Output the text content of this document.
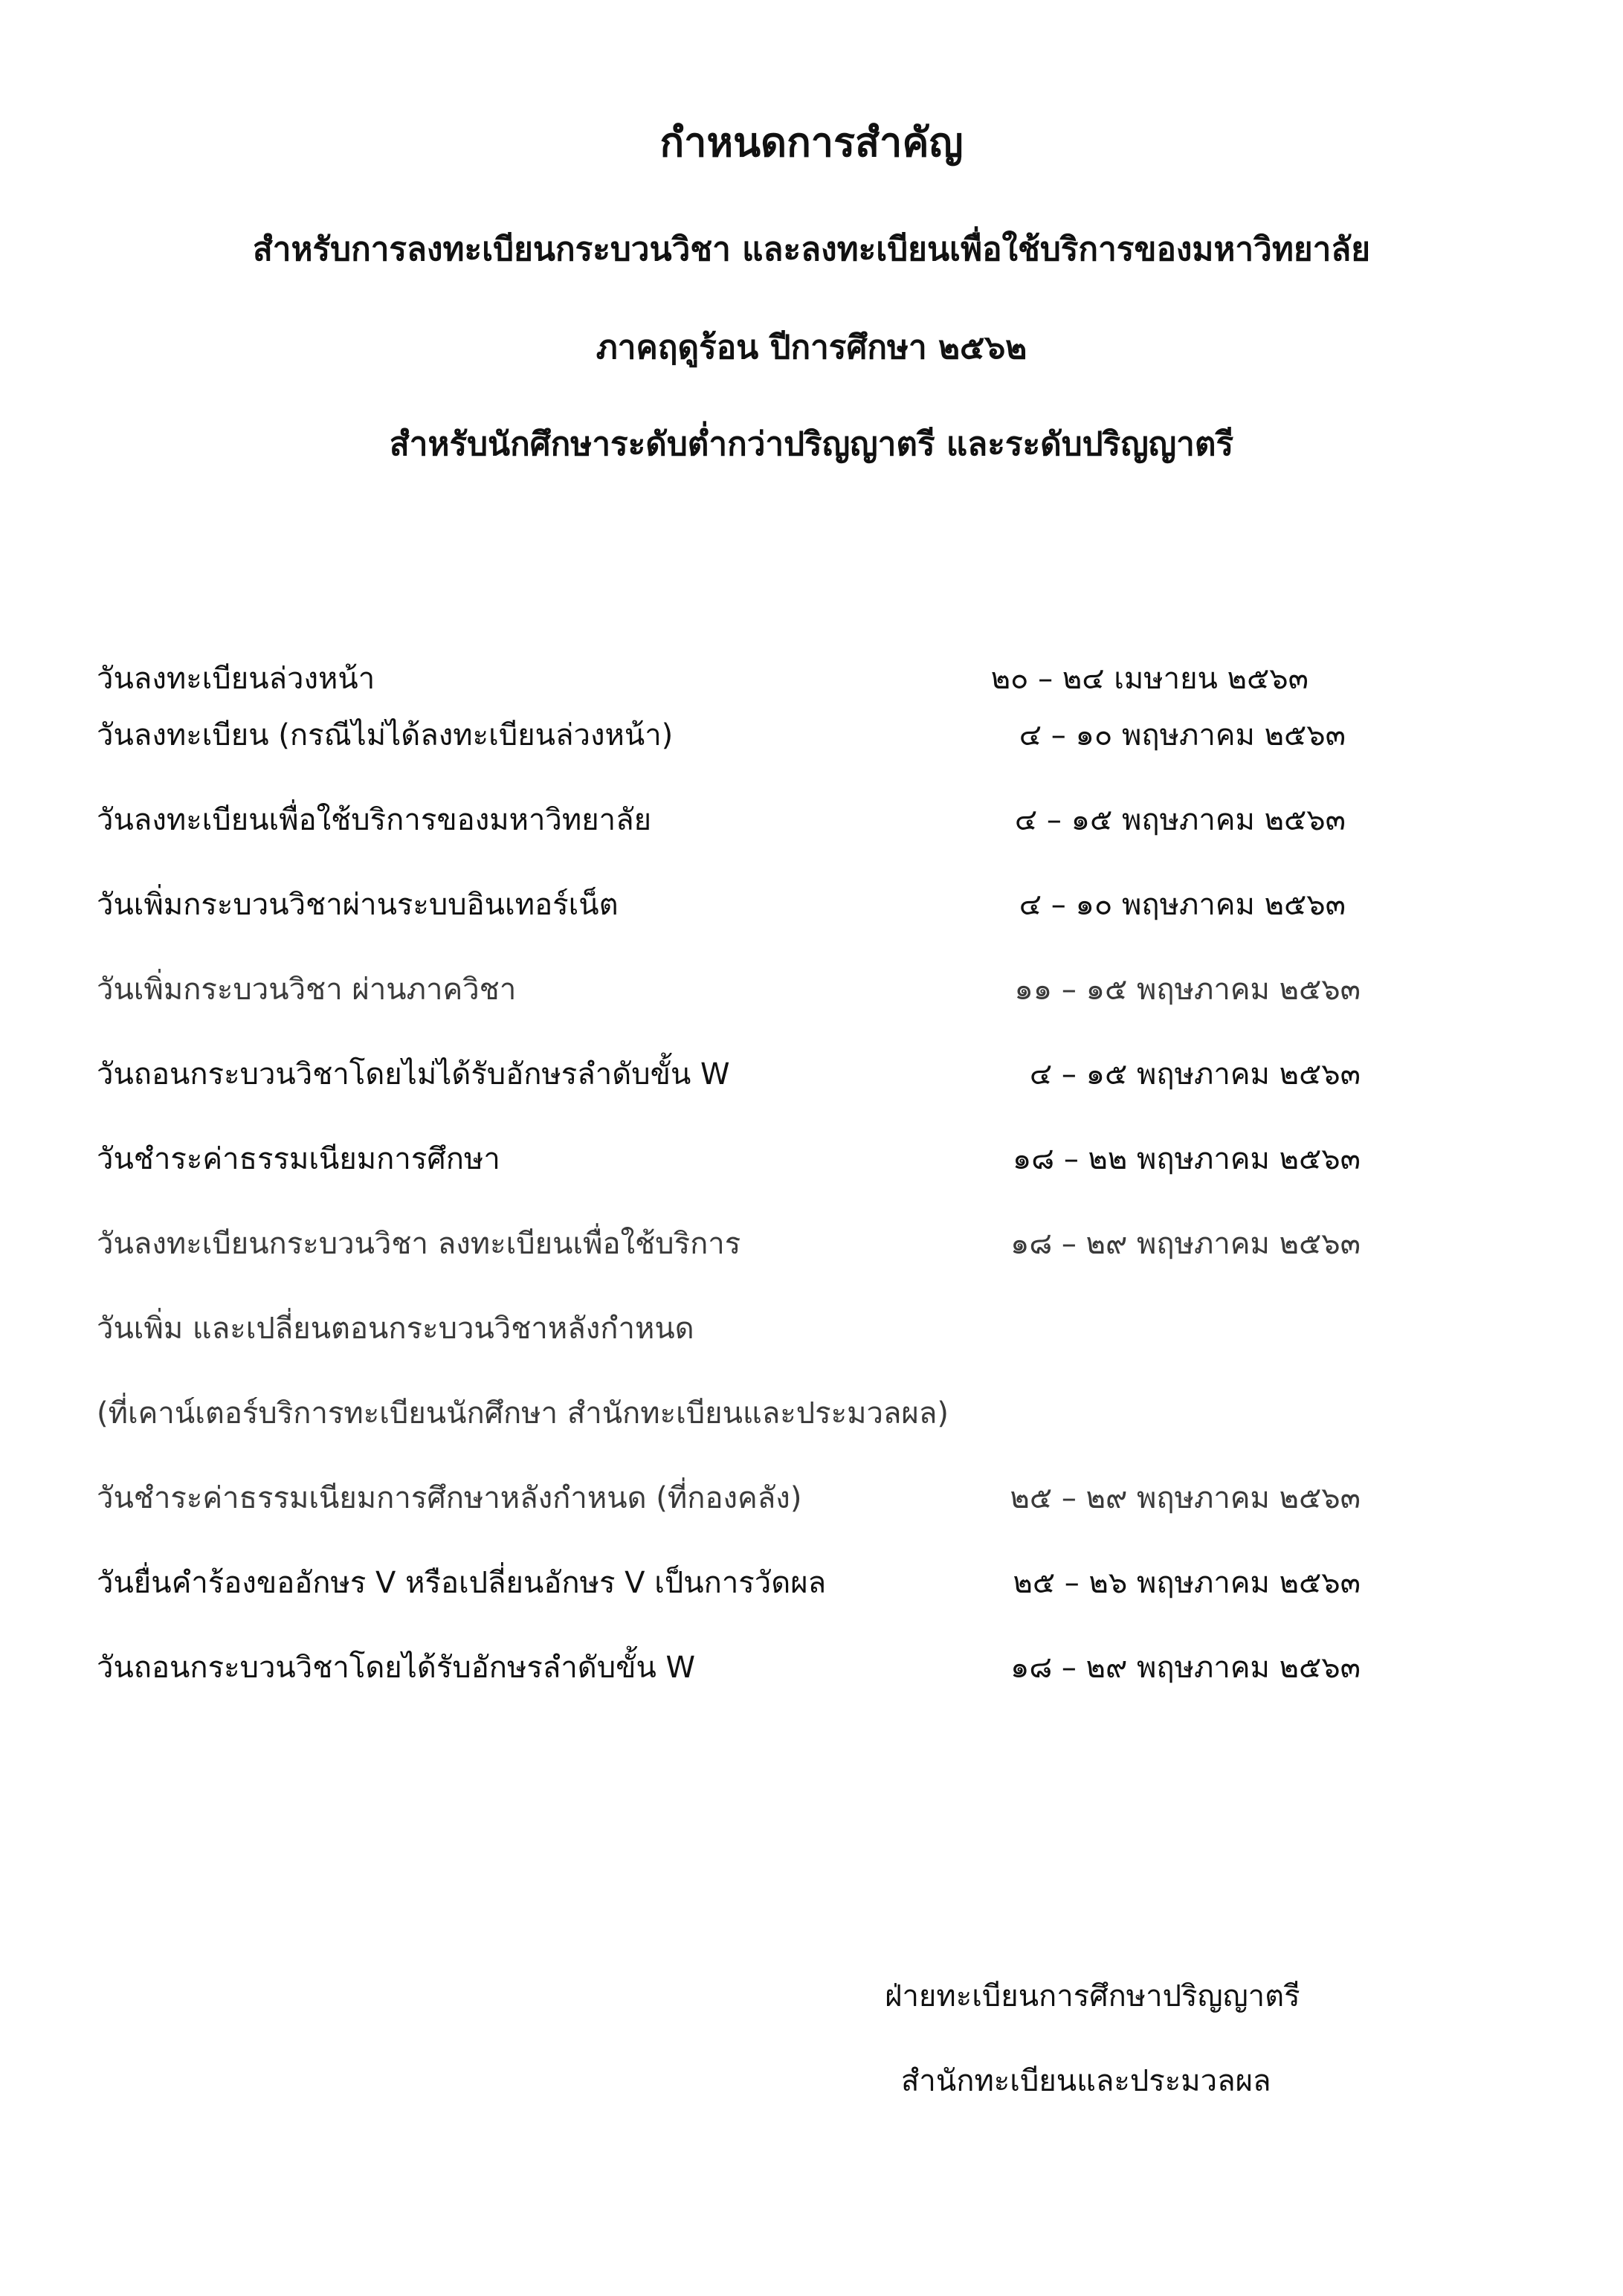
กำหนดการสำคัญ
สำหรับการลงทะเบียนกระบวนวิชา และลงทะเบียนเพื่อใช้บริการของมหาวิทยาลัย
ภาคฤดูร้อน ปีการศึกษา ๒๕๖๒
สำหรับนักศึกษาระดับต่ำกว่าปริญญาตรี และระดับปริญญาตรี
วันลงทะเบียนล่วงหน้า	๒๐ – ๒๔ เมษายน ๒๕๖๓
วันลงทะเบียน (กรณีไม่ได้ลงทะเบียนล่วงหน้า)	๔ – ๑๐ พฤษภาคม ๒๕๖๓
วันลงทะเบียนเพื่อใช้บริการของมหาวิทยาลัย	๔ – ๑๕ พฤษภาคม ๒๕๖๓
วันเพิ่มกระบวนวิชาผ่านระบบอินเทอร์เน็ต	๔ – ๑๐ พฤษภาคม ๒๕๖๓
วันเพิ่มกระบวนวิชา ผ่านภาควิชา	๑๑ – ๑๕ พฤษภาคม ๒๕๖๓
วันถอนกระบวนวิชาโดยไม่ได้รับอักษรลำดับขั้น W	๔ – ๑๕ พฤษภาคม ๒๕๖๓
วันชำระค่าธรรมเนียมการศึกษา	๑๘ – ๒๒ พฤษภาคม ๒๕๖๓
วันลงทะเบียนกระบวนวิชา ลงทะเบียนเพื่อใช้บริการ	๑๘ – ๒๙ พฤษภาคม ๒๕๖๓
วันเพิ่ม และเปลี่ยนตอนกระบวนวิชาหลังกำหนด
(ที่เคาน์เตอร์บริการทะเบียนนักศึกษา สำนักทะเบียนและประมวลผล)
วันชำระค่าธรรมเนียมการศึกษาหลังกำหนด (ที่กองคลัง)	๒๕ – ๒๙ พฤษภาคม ๒๕๖๓
วันยื่นคำร้องขออักษร V หรือเปลี่ยนอักษร V เป็นการวัดผล	๒๕ – ๒๖ พฤษภาคม ๒๕๖๓
วันถอนกระบวนวิชาโดยได้รับอักษรลำดับขั้น W	๑๘ – ๒๙ พฤษภาคม ๒๕๖๓
ฝ่ายทะเบียนการศึกษาปริญญาตรี
สำนักทะเบียนและประมวลผล
